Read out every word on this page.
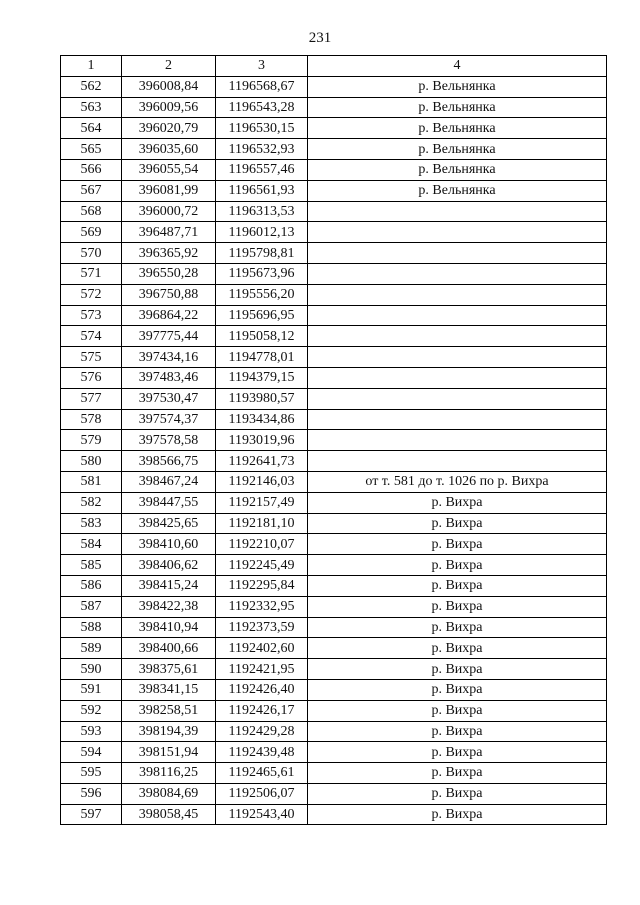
231
1	2	3	4
562	396008,84	1196568,67	р. Вельнянка
563	396009,56	1196543,28	р. Вельнянка
564	396020,79	1196530,15	р. Вельнянка
565	396035,60	1196532,93	р. Вельнянка
566	396055,54	1196557,46	р. Вельнянка
567	396081,99	1196561,93	р. Вельнянка
568	396000,72	1196313,53	
569	396487,71	1196012,13	
570	396365,92	1195798,81	
571	396550,28	1195673,96	
572	396750,88	1195556,20	
573	396864,22	1195696,95	
574	397775,44	1195058,12	
575	397434,16	1194778,01	
576	397483,46	1194379,15	
577	397530,47	1193980,57	
578	397574,37	1193434,86	
579	397578,58	1193019,96	
580	398566,75	1192641,73	
581	398467,24	1192146,03	от т. 581 до т. 1026 по р. Вихра
582	398447,55	1192157,49	р. Вихра
583	398425,65	1192181,10	р. Вихра
584	398410,60	1192210,07	р. Вихра
585	398406,62	1192245,49	р. Вихра
586	398415,24	1192295,84	р. Вихра
587	398422,38	1192332,95	р. Вихра
588	398410,94	1192373,59	р. Вихра
589	398400,66	1192402,60	р. Вихра
590	398375,61	1192421,95	р. Вихра
591	398341,15	1192426,40	р. Вихра
592	398258,51	1192426,17	р. Вихра
593	398194,39	1192429,28	р. Вихра
594	398151,94	1192439,48	р. Вихра
595	398116,25	1192465,61	р. Вихра
596	398084,69	1192506,07	р. Вихра
597	398058,45	1192543,40	р. Вихра
